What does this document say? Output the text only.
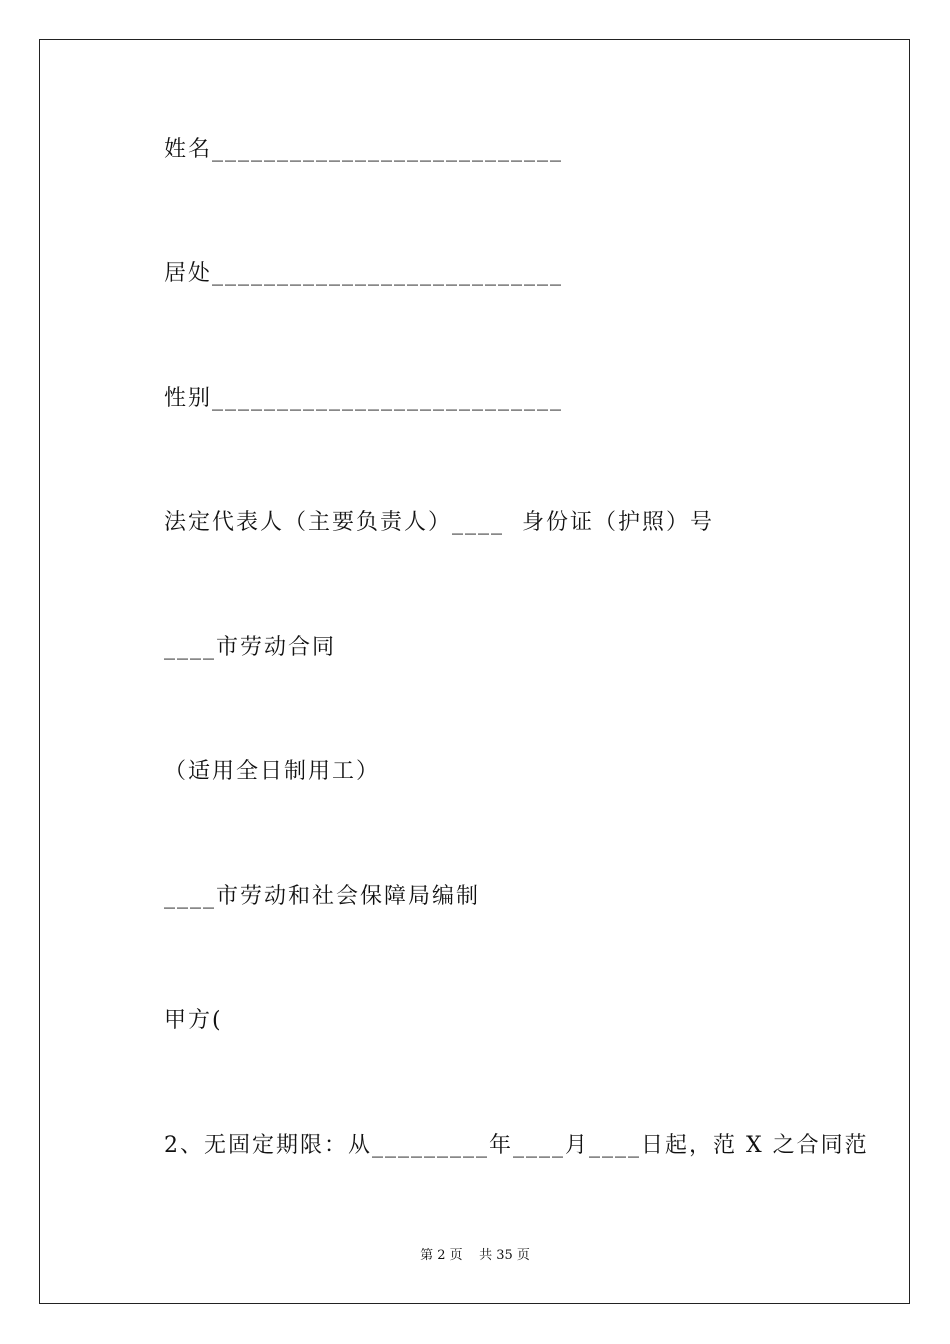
姓名___________________________
居处___________________________
性别___________________________
法定代表人（主要负责人）____  身份证（护照）号
____市劳动合同
（适用全日制用工）
____市劳动和社会保障局编制
甲方(
2、无固定期限：从_________年____月____日起，范 X 之合同范
第 2 页    共 35 页
